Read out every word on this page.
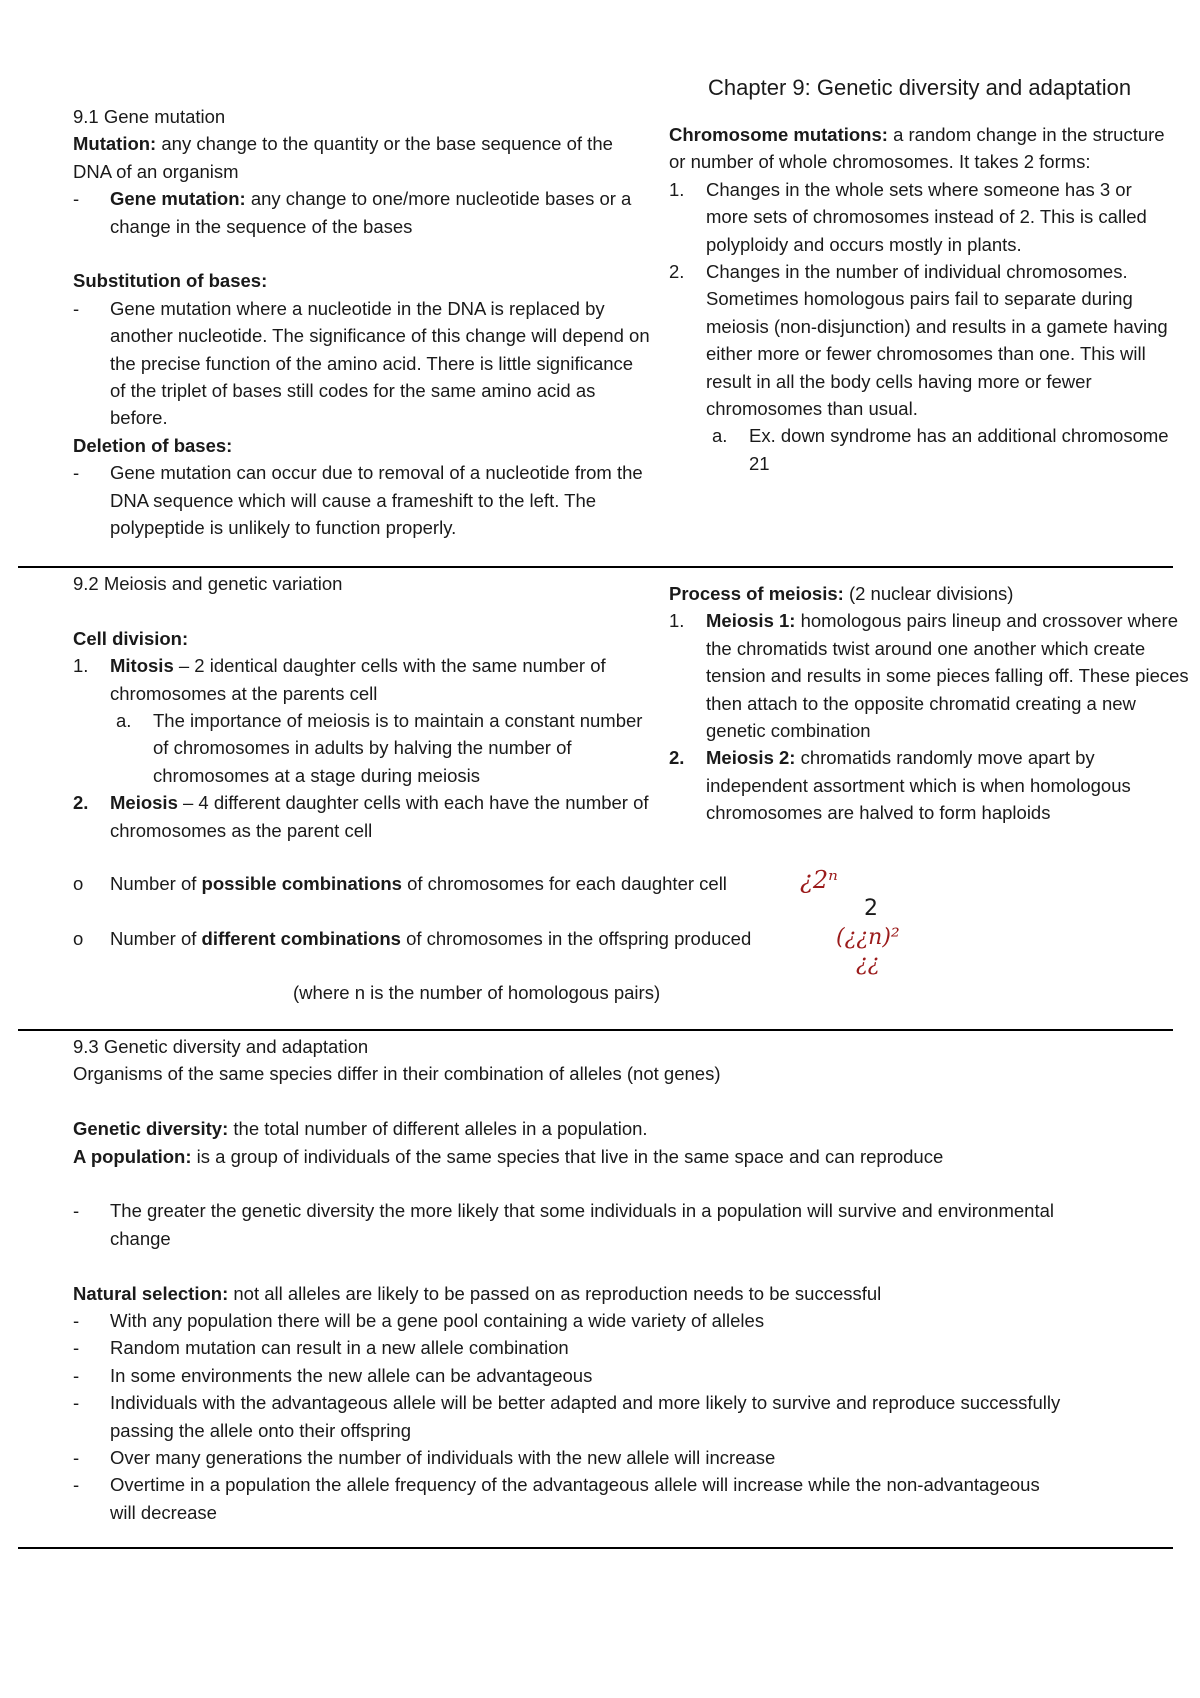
Chapter 9: Genetic diversity and adaptation

9.1 Gene mutation

Mutation: any change to the quantity or the base sequence of the DNA of an organism

-	Gene mutation: any change to one/more nucleotide bases or a change in the sequence of the bases

Substitution of bases:

-	Gene mutation where a nucleotide in the DNA is replaced by another nucleotide. The significance of this change will depend on the precise function of the amino acid. There is little significance of the triplet of bases still codes for the same amino acid as before.

Deletion of bases:

-	Gene mutation can occur due to removal of a nucleotide from the DNA sequence which will cause a frameshift to the left. The polypeptide is unlikely to function properly.

Chromosome mutations: a random change in the structure or number of whole chromosomes. It takes 2 forms:

1.	Changes in the whole sets where someone has 3 or more sets of chromosomes instead of 2. This is called polyploidy and occurs mostly in plants.
2.	Changes in the number of individual chromosomes. Sometimes homologous pairs fail to separate during meiosis (non-disjunction) and results in a gamete having either more or fewer chromosomes than one. This will result in all the body cells having more or fewer chromosomes than usual.
a.	Ex. down syndrome has an additional chromosome 21

9.2 Meiosis and genetic variation

Cell division:

1.	Mitosis – 2 identical daughter cells with the same number of chromosomes at the parents cell
a.	The importance of meiosis is to maintain a constant number of chromosomes in adults by halving the number of chromosomes at a stage during meiosis
2.	Meiosis – 4 different daughter cells with each have the number of chromosomes as the parent cell

Process of meiosis: (2 nuclear divisions)

1.	Meiosis 1: homologous pairs lineup and crossover where the chromatids twist around one another which create tension and results in some pieces falling off. These pieces then attach to the opposite chromatid creating a new genetic combination
2.	Meiosis 2: chromatids randomly move apart by independent assortment which is when homologous chromosomes are halved to form haploids
o	Number of possible combinations of chromosomes for each daughter cell	¿2ⁿ
o	Number of different combinations of chromosomes in the offspring produced
2
(¿¿n)²
¿¿
(where n is the number of homologous pairs)

9.3 Genetic diversity and adaptation

Organisms of the same species differ in their combination of alleles (not genes)

Genetic diversity: the total number of different alleles in a population.

A population: is a group of individuals of the same species that live in the same space and can reproduce

-	The greater the genetic diversity the more likely that some individuals in a population will survive and environmental change

Natural selection: not all alleles are likely to be passed on as reproduction needs to be successful

-	With any population there will be a gene pool containing a wide variety of alleles
-	Random mutation can result in a new allele combination
-	In some environments the new allele can be advantageous
-	Individuals with the advantageous allele will be better adapted and more likely to survive and reproduce successfully passing the allele onto their offspring
-	Over many generations the number of individuals with the new allele will increase
-	Overtime in a population the allele frequency of the advantageous allele will increase while the non-advantageous will decrease
